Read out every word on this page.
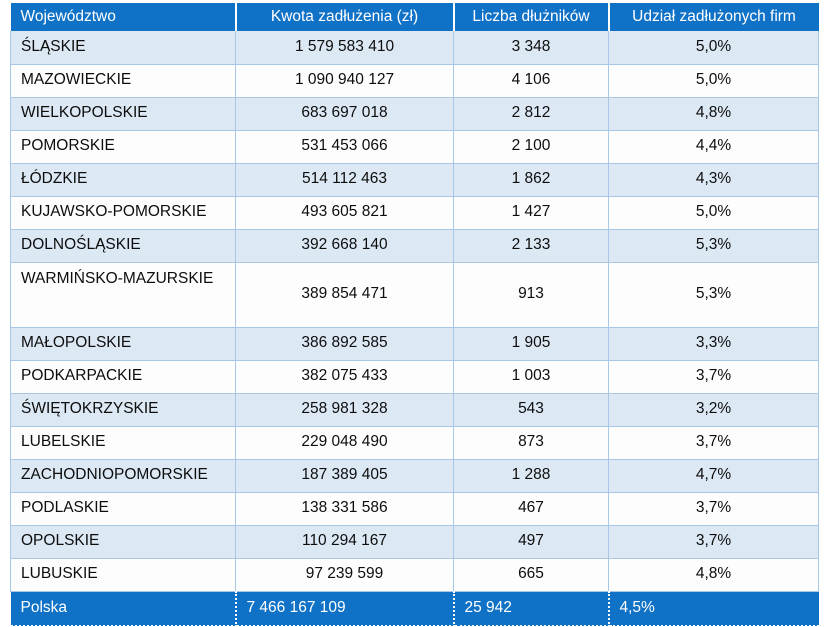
Województwo	Kwota zadłużenia (zł)	Liczba dłużników	Udział zadłużonych firm
ŚLĄSKIE	1 579 583 410	3 348	5,0%
MAZOWIECKIE	1 090 940 127	4 106	5,0%
WIELKOPOLSKIE	683 697 018	2 812	4,8%
POMORSKIE	531 453 066	2 100	4,4%
ŁÓDZKIE	514 112 463	1 862	4,3%
KUJAWSKO-POMORSKIE	493 605 821	1 427	5,0%
DOLNOŚLĄSKIE	392 668 140	2 133	5,3%
WARMIŃSKO-MAZURSKIE	389 854 471	913	5,3%
MAŁOPOLSKIE	386 892 585	1 905	3,3%
PODKARPACKIE	382 075 433	1 003	3,7%
ŚWIĘTOKRZYSKIE	258 981 328	543	3,2%
LUBELSKIE	229 048 490	873	3,7%
ZACHODNIOPOMORSKIE	187 389 405	1 288	4,7%
PODLASKIE	138 331 586	467	3,7%
OPOLSKIE	110 294 167	497	3,7%
LUBUSKIE	97 239 599	665	4,8%
Polska	7 466 167 109	25 942	4,5%
